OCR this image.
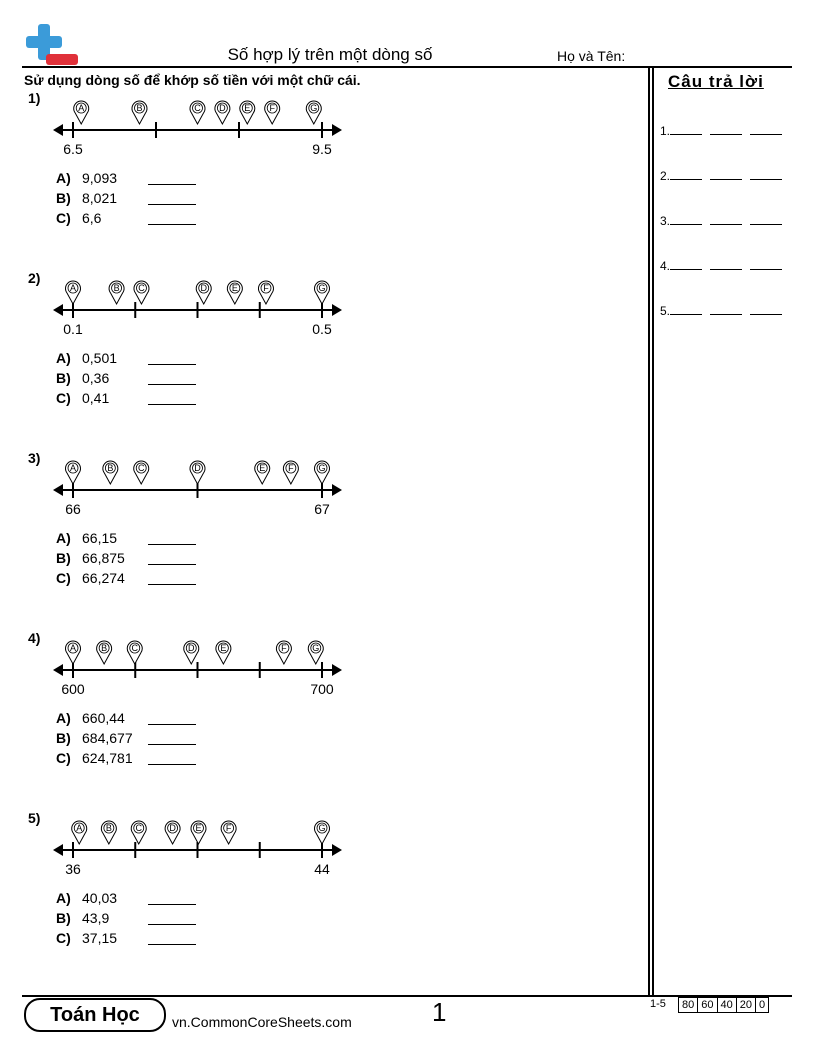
Số hợp lý trên một dòng số	Họ và Tên:
Sử dụng dòng số để khớp số tiền với một chữ cái.	Câu trả lời
1.
2.
3.
4.
5.
1)
A	B	C D E F	G
6.5	9.5
A) 9,093
B) 8,021
C) 6,6
2)
A	B C	D	E	F	G
0.1	0.5
A) 0,501
B) 0,36
C) 0,41
3)
A	B	C	D	E	F	G
66	67
A) 66,15
B) 66,875
C) 66,274
4)
A	B	C	D	E	F	G
600	700
A) 660,44
B) 684,677
C) 624,781
5)
A	B	C	D E	F	G
36	44
A) 40,03
B) 43,9
C) 37,15
Toán Học	vn.CommonCoreSheets.com	1	1-5 80	60	40	20	0
